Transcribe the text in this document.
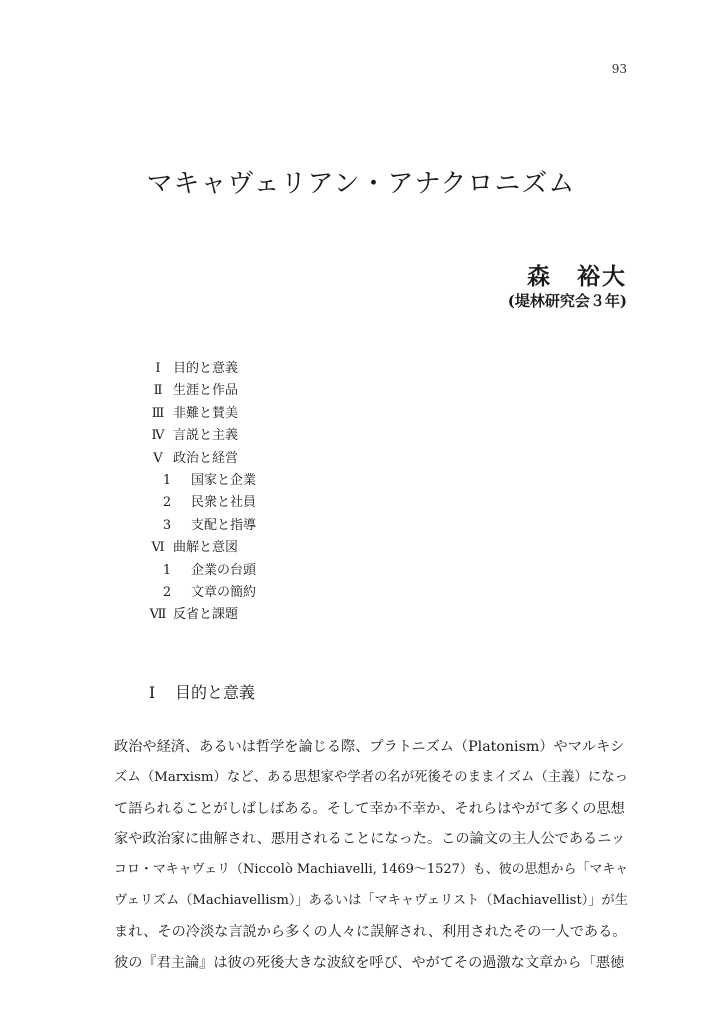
93
マキャヴェリアン・アナクロニズム
森　裕大
(堤林研究会３年)
Ⅰ 目的と意義
Ⅱ 生涯と作品
Ⅲ 非難と賛美
Ⅳ 言説と主義
Ⅴ 政治と経営
1 国家と企業
2 民衆と社員
3 支配と指導
Ⅵ 曲解と意図
1 企業の台頭
2 文章の簡約
Ⅶ 反省と課題
Ⅰ 目的と意義
政治や経済、あるいは哲学を論じる際、プラトニズム（Platonism）やマルキシ
ズム（Marxism）など、ある思想家や学者の名が死後そのままイズム（主義）になっ
て語られることがしばしばある。そして幸か不幸か、それらはやがて多くの思想
家や政治家に曲解され、悪用されることになった。この論文の主人公であるニッ
コロ・マキャヴェリ（Niccolò Machiavelli, 1469〜1527）も、彼の思想から「マキャ
ヴェリズム（Machiavellism）」あるいは「マキャヴェリスト（Machiavellist）」が生
まれ、その冷淡な言説から多くの人々に誤解され、利用されたその一人である。
彼の『君主論』は彼の死後大きな波紋を呼び、やがてその過激な文章から「悪徳
